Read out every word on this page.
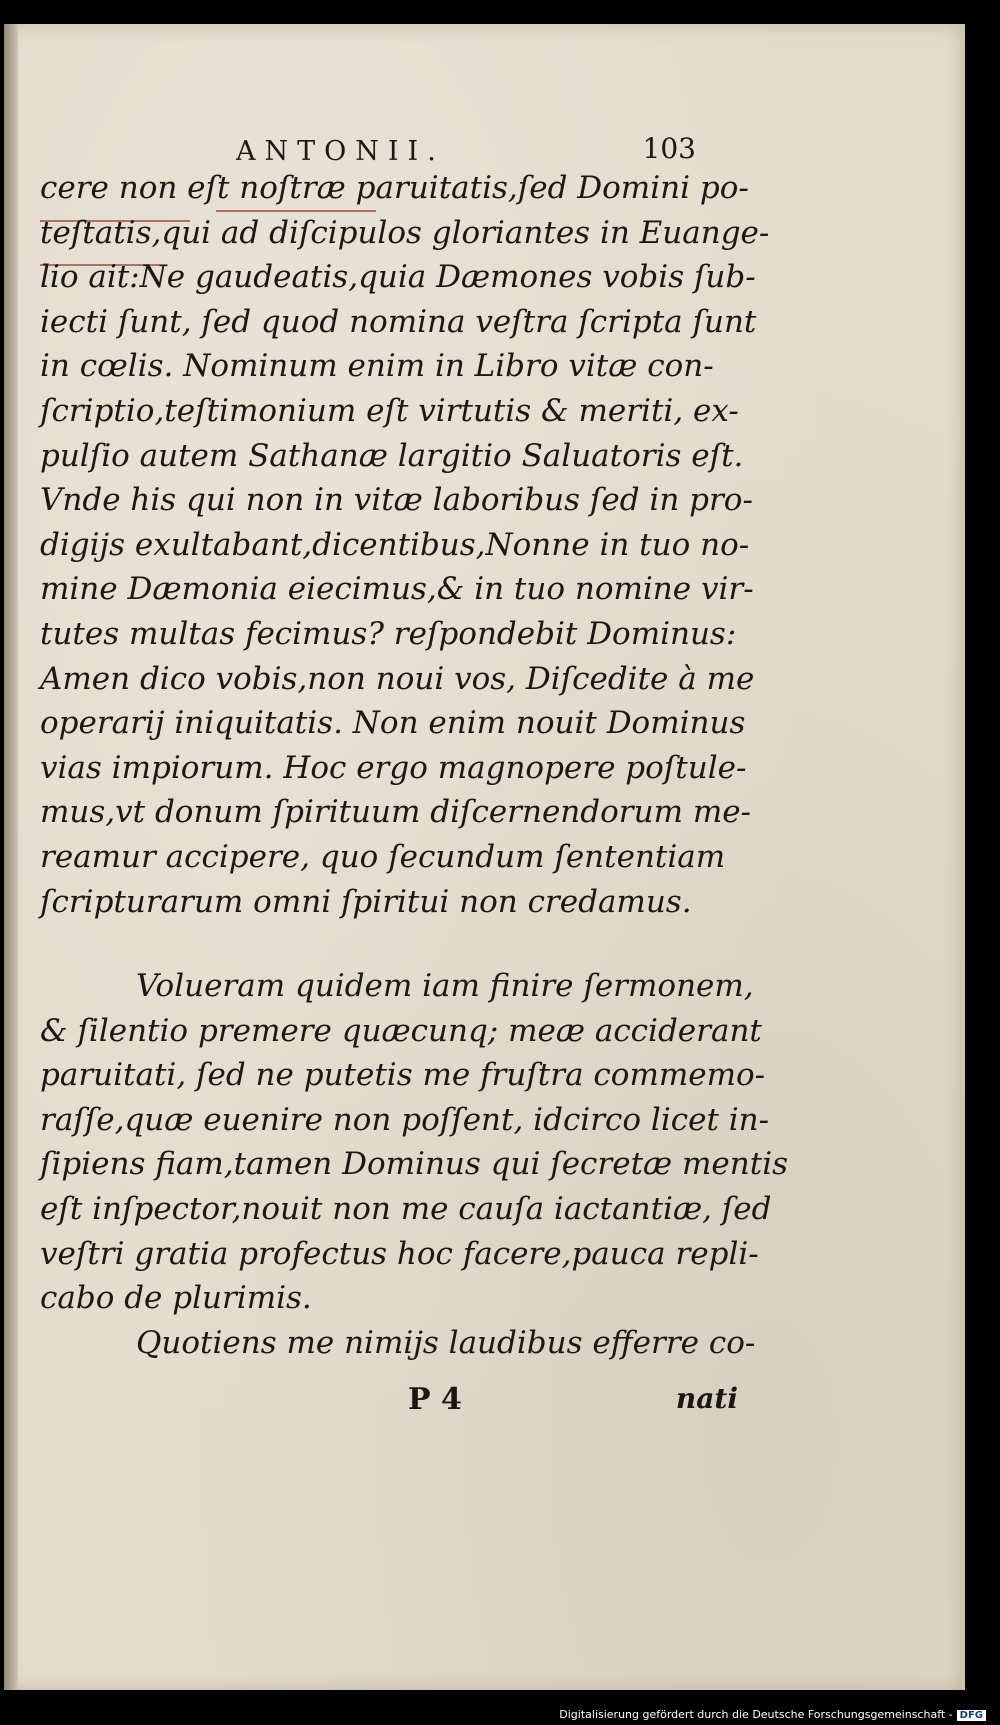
ANTONII.	103
cere non eſt noſtræ paruitatis,ſed Domini po-
teſtatis,qui ad diſcipulos gloriantes in Euange-
lio ait:Ne gaudeatis,quia Dæmones vobis ſub-
iecti ſunt, ſed quod nomina veſtra ſcripta ſunt
in cœlis. Nominum enim in Libro vitæ con-
ſcriptio,teſtimonium eſt virtutis & meriti, ex-
pulſio autem Sathanæ largitio Saluatoris eſt.
Vnde his qui non in vitæ laboribus ſed in pro-
digijs exultabant,dicentibus,Nonne in tuo no-
mine Dæmonia eiecimus,& in tuo nomine vir-
tutes multas fecimus? reſpondebit Dominus:
Amen dico vobis,non noui vos, Diſcedite à me
operarij iniquitatis. Non enim nouit Dominus
vias impiorum. Hoc ergo magnopere poſtule-
mus,vt donum ſpirituum diſcernendorum me-
reamur accipere, quo ſecundum ſententiam
ſcripturarum omni ſpiritui non credamus.
Volueram quidem iam finire ſermonem,
& ſilentio premere quæcunq; meæ acciderant
paruitati, ſed ne putetis me fruſtra commemo-
raſſe,quæ euenire non poſſent, idcirco licet in-
ſipiens fiam,tamen Dominus qui ſecretæ mentis
eſt inſpector,nouit non me cauſa iactantiæ, ſed
veſtri gratia profectus hoc facere,pauca repli-
cabo de plurimis.
Quotiens me nimijs laudibus efferre co-
P 4	nati
Digitalisierung gefördert durch die Deutsche Forschungsgemeinschaft - DFG
